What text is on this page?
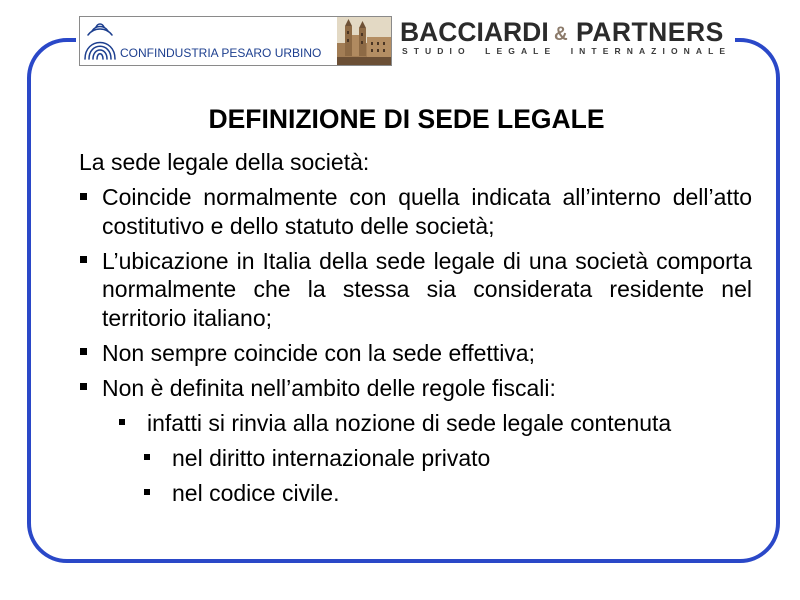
CONFINDUSTRIA PESARO URBINO
BACCIARDI & PARTNERS
STUDIO LEGALE INTERNAZIONALE
DEFINIZIONE DI SEDE LEGALE

La sede legale della società:

Coincide normalmente con quella indicata all’interno dell’atto costitutivo e dello statuto delle società;

L’ubicazione in Italia della sede legale di una società comporta normalmente che la stessa sia considerata residente nel territorio italiano;

Non sempre coincide con la sede effettiva;

Non è definita nell’ambito delle regole fiscali:

infatti si rinvia alla nozione di sede legale contenuta

nel diritto internazionale privato

nel codice civile.
